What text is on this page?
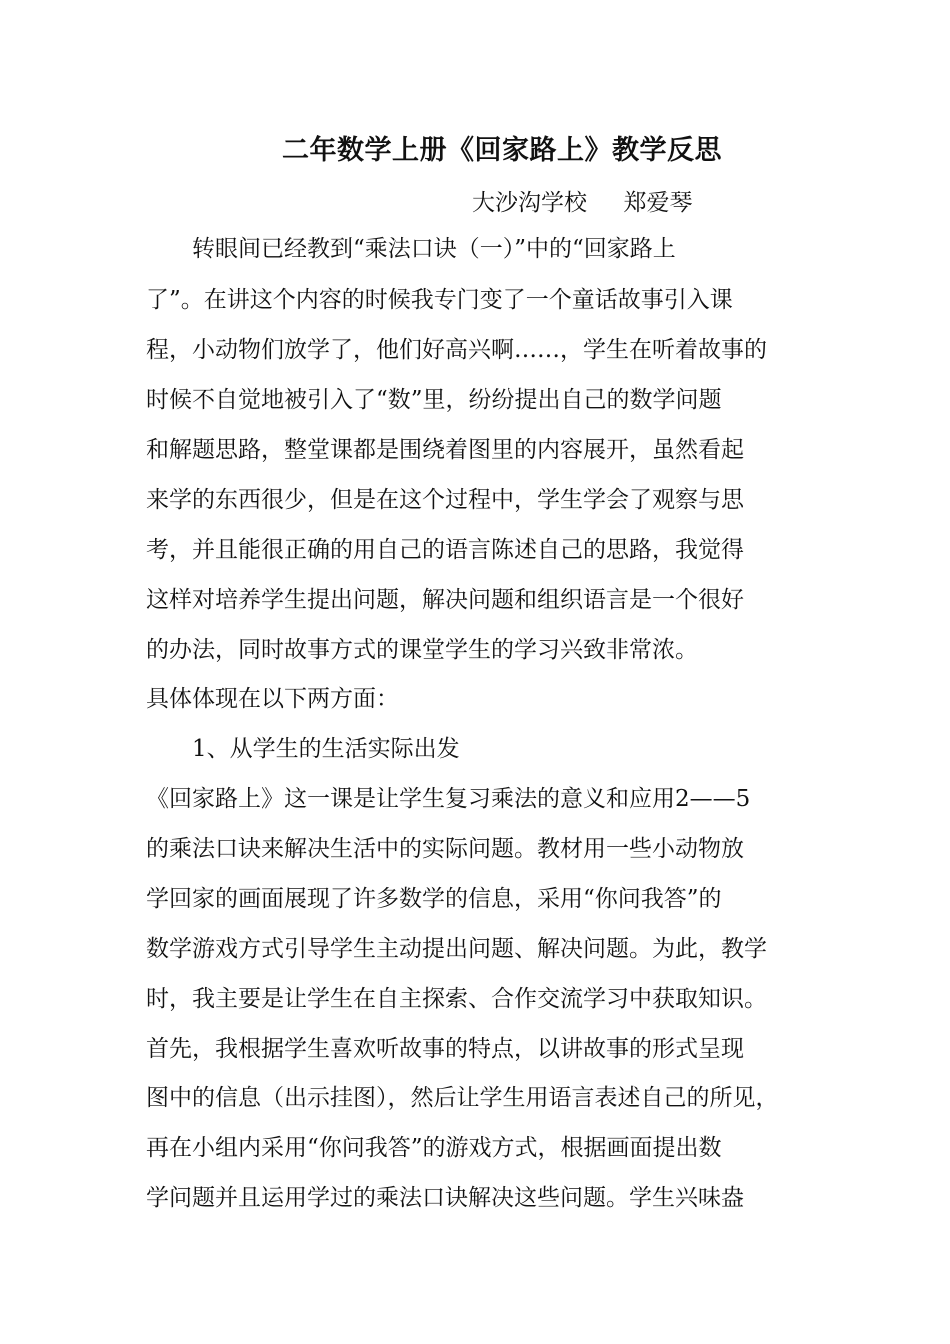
二年数学上册《回家路上》教学反思
大沙沟学校     郑爱琴
　　转眼间已经教到“乘法口诀（一）”中的“回家路上
了”。在讲这个内容的时候我专门变了一个童话故事引入课
程，小动物们放学了，他们好高兴啊……，学生在听着故事的
时候不自觉地被引入了“数”里，纷纷提出自己的数学问题
和解题思路，整堂课都是围绕着图里的内容展开，虽然看起
来学的东西很少，但是在这个过程中，学生学会了观察与思
考，并且能很正确的用自己的语言陈述自己的思路，我觉得
这样对培养学生提出问题，解决问题和组织语言是一个很好
的办法，同时故事方式的课堂学生的学习兴致非常浓。
具体体现在以下两方面：
　　1、从学生的生活实际出发
《回家路上》这一课是让学生复习乘法的意义和应用2——5
的乘法口诀来解决生活中的实际问题。教材用一些小动物放
学回家的画面展现了许多数学的信息，采用“你问我答”的
数学游戏方式引导学生主动提出问题、解决问题。为此，教学
时，我主要是让学生在自主探索、合作交流学习中获取知识。
首先，我根据学生喜欢听故事的特点，以讲故事的形式呈现
图中的信息（出示挂图），然后让学生用语言表述自己的所见，
再在小组内采用“你问我答”的游戏方式，根据画面提出数
学问题并且运用学过的乘法口诀解决这些问题。学生兴味盎
